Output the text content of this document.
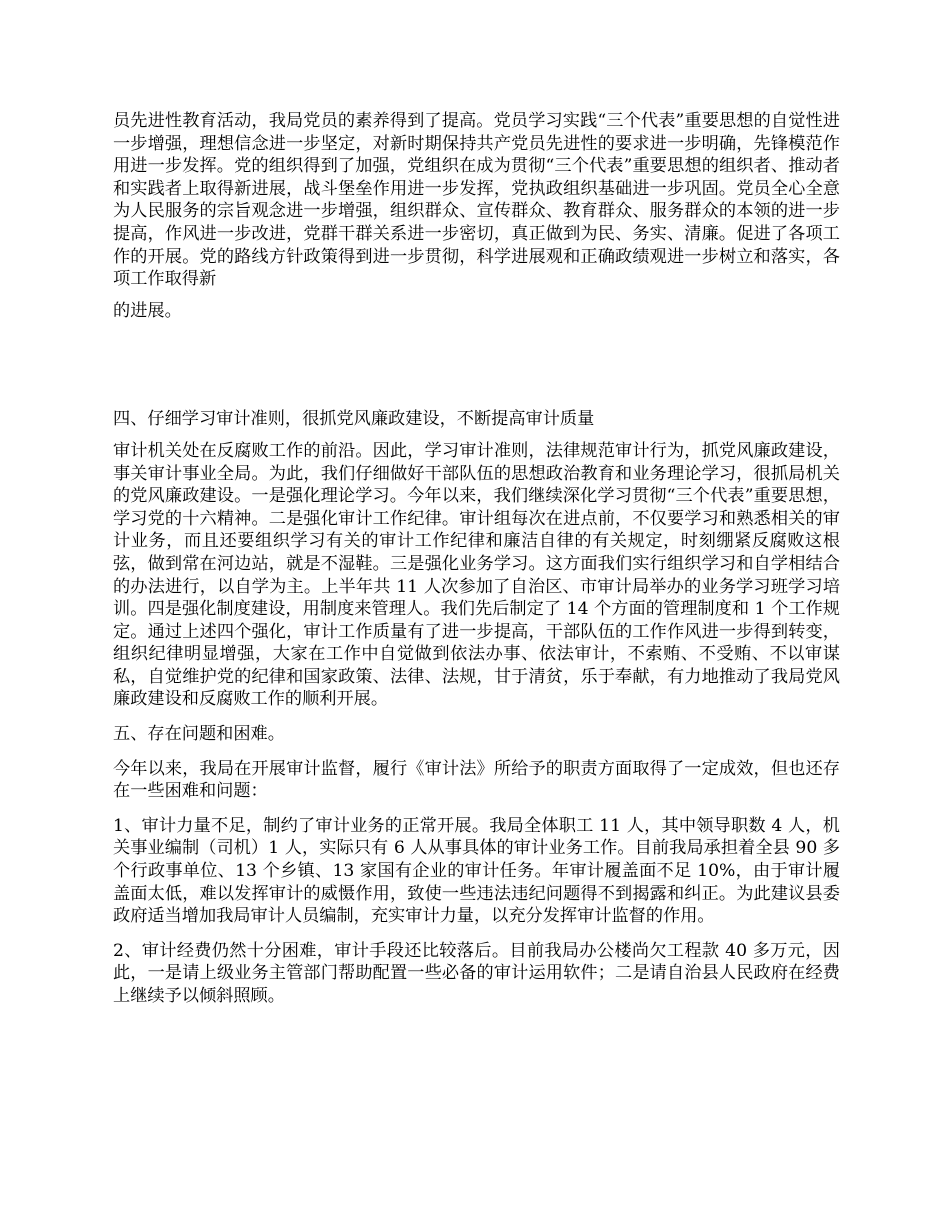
员先进性教育活动，我局党员的素养得到了提高。党员学习实践“三个代表”重要思想的自觉性进一步增强，理想信念进一步坚定，对新时期保持共产党员先进性的要求进一步明确，先锋模范作用进一步发挥。党的组织得到了加强，党组织在成为贯彻“三个代表”重要思想的组织者、推动者和实践者上取得新进展，战斗堡垒作用进一步发挥，党执政组织基础进一步巩固。党员全心全意为人民服务的宗旨观念进一步增强，组织群众、宣传群众、教育群众、服务群众的本领的进一步提高，作风进一步改进，党群干群关系进一步密切，真正做到为民、务实、清廉。促进了各项工作的开展。党的路线方针政策得到进一步贯彻，科学进展观和正确政绩观进一步树立和落实，各项工作取得新

的进展。

四、仔细学习审计准则，很抓党风廉政建设，不断提高审计质量

审计机关处在反腐败工作的前沿。因此，学习审计准则，法律规范审计行为，抓党风廉政建设，事关审计事业全局。为此，我们仔细做好干部队伍的思想政治教育和业务理论学习，很抓局机关的党风廉政建设。一是强化理论学习。今年以来，我们继续深化学习贯彻“三个代表”重要思想，学习党的十六精神。二是强化审计工作纪律。审计组每次在进点前，不仅要学习和熟悉相关的审计业务，而且还要组织学习有关的审计工作纪律和廉洁自律的有关规定，时刻绷紧反腐败这根弦，做到常在河边站，就是不湿鞋。三是强化业务学习。这方面我们实行组织学习和自学相结合的办法进行，以自学为主。上半年共 11 人次参加了自治区、市审计局举办的业务学习班学习培训。四是强化制度建设，用制度来管理人。我们先后制定了 14 个方面的管理制度和 1 个工作规定。通过上述四个强化，审计工作质量有了进一步提高，干部队伍的工作作风进一步得到转变，组织纪律明显增强，大家在工作中自觉做到依法办事、依法审计，不索贿、不受贿、不以审谋私，自觉维护党的纪律和国家政策、法律、法规，甘于清贫，乐于奉献，有力地推动了我局党风廉政建设和反腐败工作的顺利开展。

五、存在问题和困难。

今年以来，我局在开展审计监督，履行《审计法》所给予的职责方面取得了一定成效，但也还存在一些困难和问题：

1、审计力量不足，制约了审计业务的正常开展。我局全体职工 11 人，其中领导职数 4 人，机关事业编制（司机）1 人，实际只有 6 人从事具体的审计业务工作。目前我局承担着全县 90 多个行政事单位、13 个乡镇、13 家国有企业的审计任务。年审计履盖面不足 10%，由于审计履盖面太低，难以发挥审计的威慑作用，致使一些违法违纪问题得不到揭露和纠正。为此建议县委政府适当增加我局审计人员编制，充实审计力量，以充分发挥审计监督的作用。

2、审计经费仍然十分困难，审计手段还比较落后。目前我局办公楼尚欠工程款 40 多万元，因此，一是请上级业务主管部门帮助配置一些必备的审计运用软件；二是请自治县人民政府在经费上继续予以倾斜照顾。
